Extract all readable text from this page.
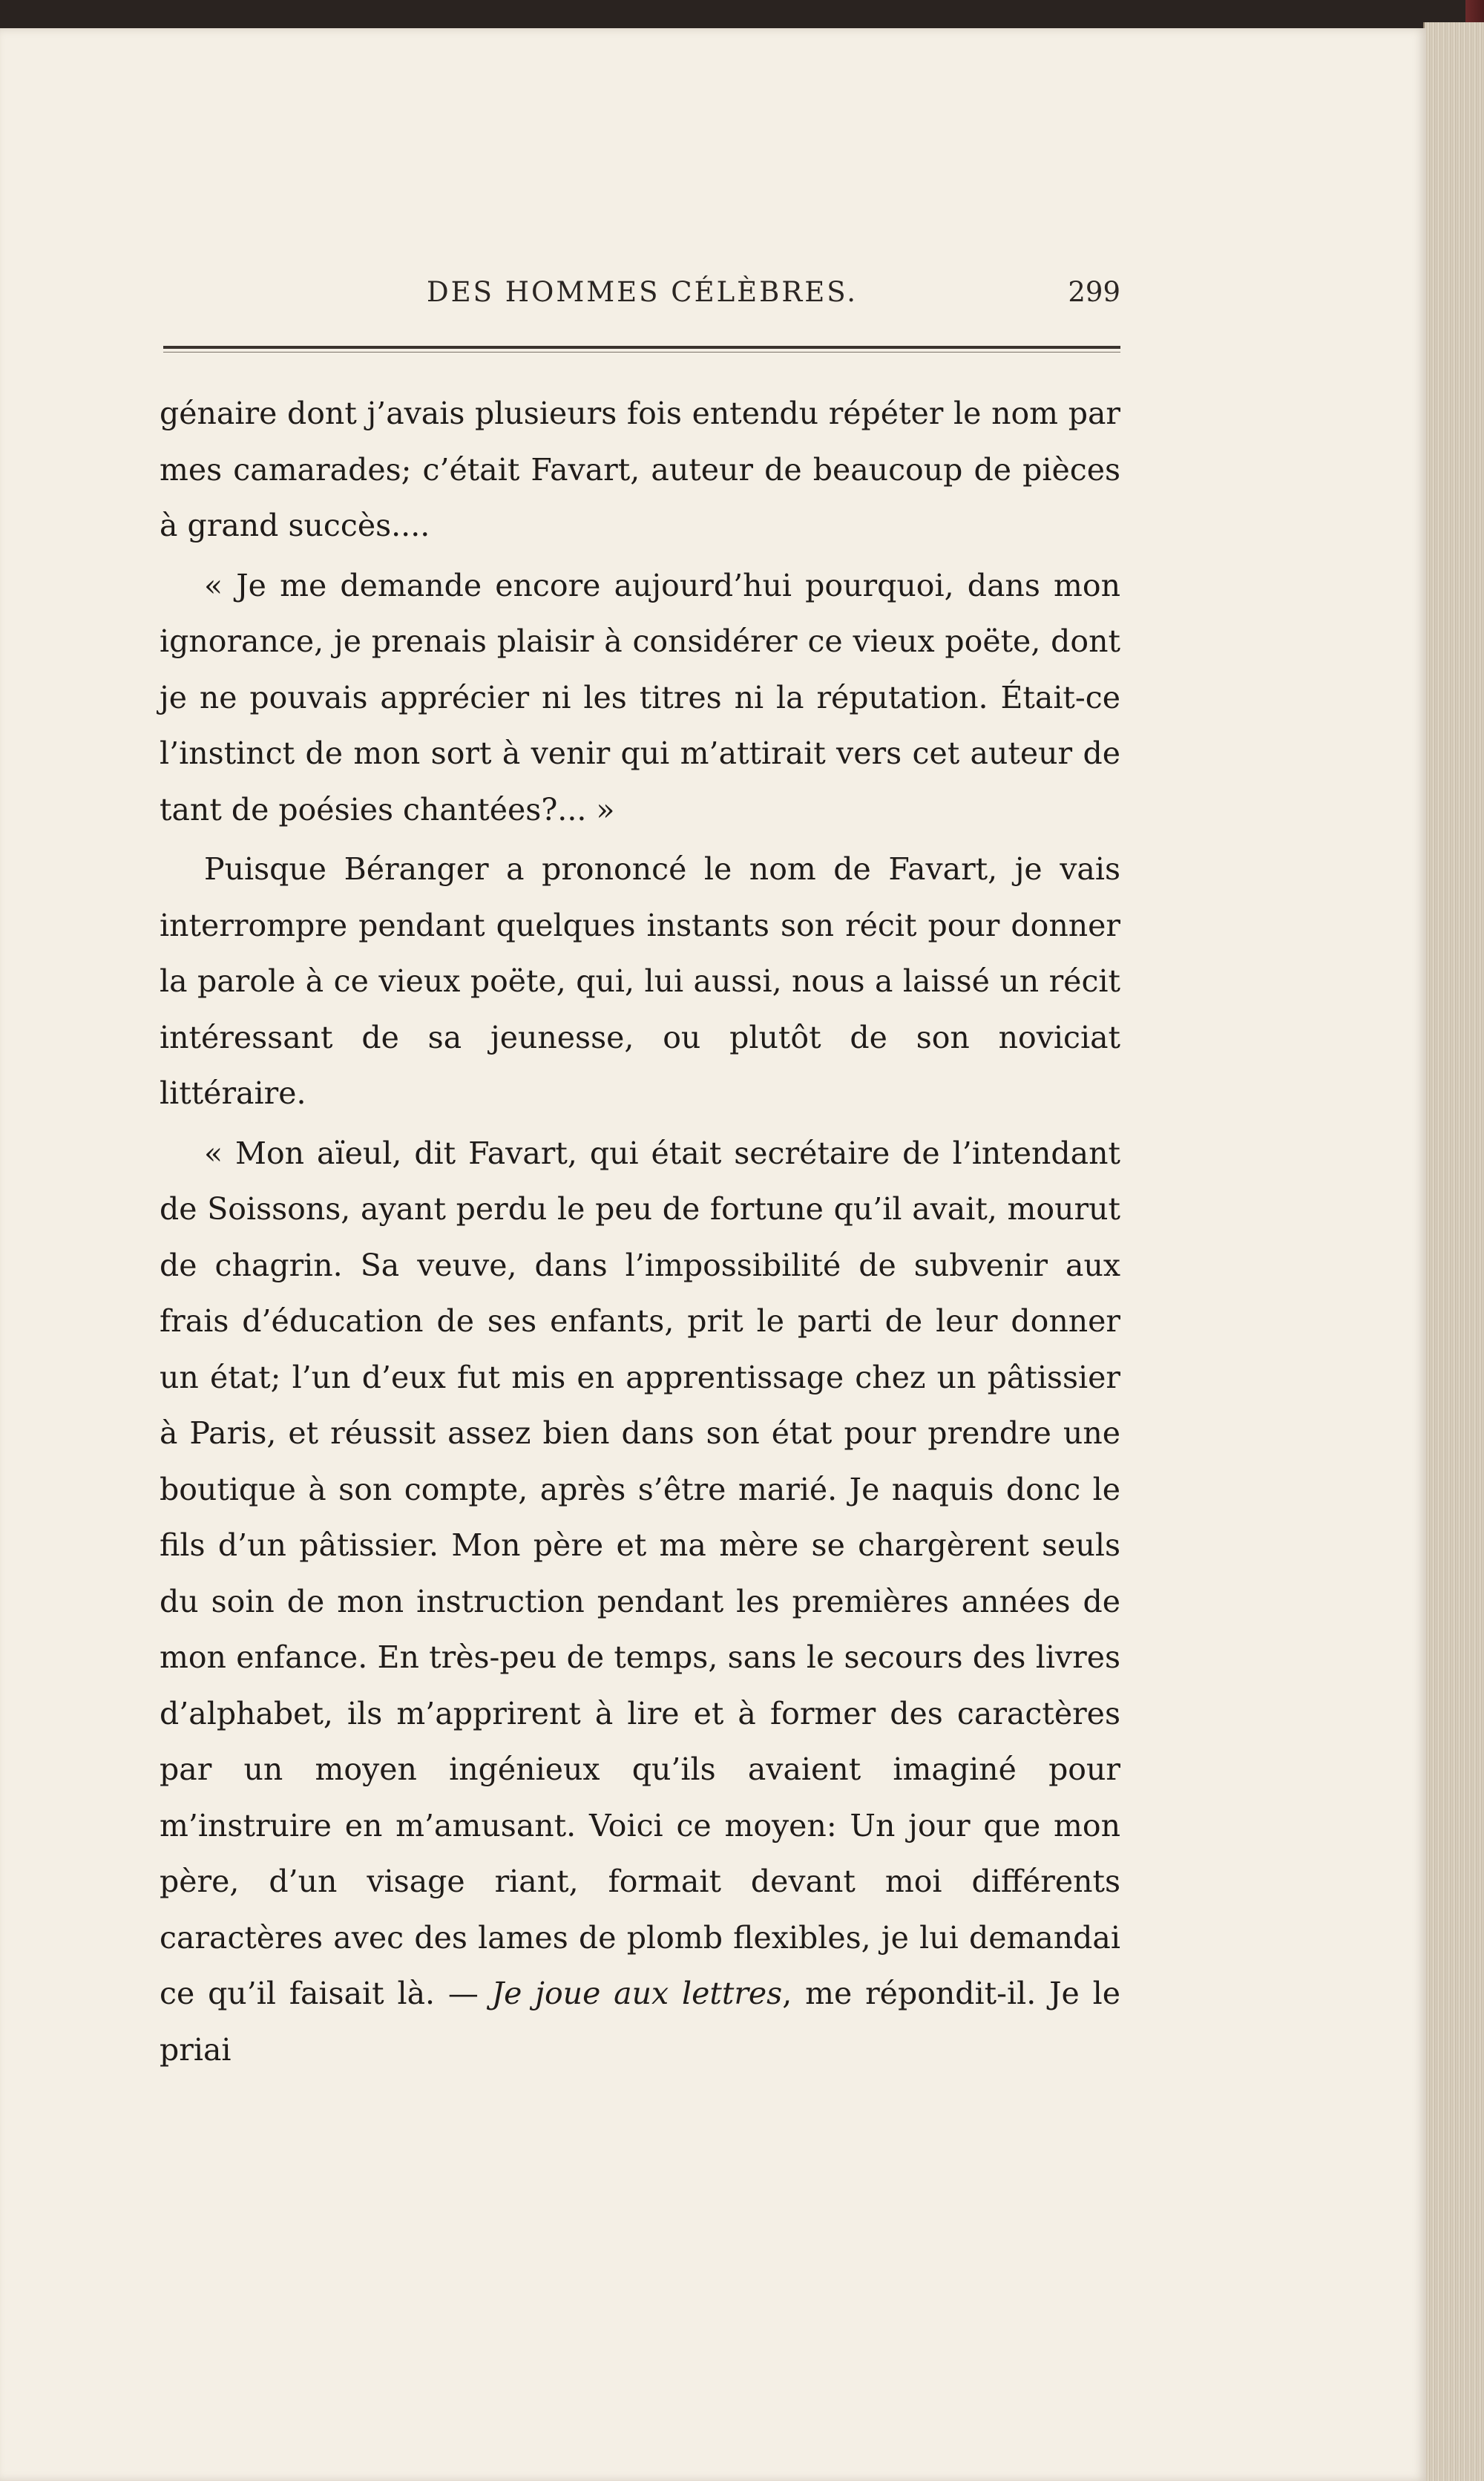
DES HOMMES CÉLÈBRES.	299

génaire dont j’avais plusieurs fois entendu répéter le nom par mes camarades; c’était Favart, auteur de beaucoup de pièces à grand succès....

« Je me demande encore aujourd’hui pourquoi, dans mon ignorance, je prenais plaisir à considérer ce vieux poëte, dont je ne pouvais apprécier ni les titres ni la réputation. Était-ce l’instinct de mon sort à venir qui m’attirait vers cet auteur de tant de poésies chantées?... »

Puisque Béranger a prononcé le nom de Favart, je vais interrompre pendant quelques instants son récit pour donner la parole à ce vieux poëte, qui, lui aussi, nous a laissé un récit intéressant de sa jeunesse, ou plutôt de son noviciat littéraire.

« Mon aïeul, dit Favart, qui était secrétaire de l’intendant de Soissons, ayant perdu le peu de fortune qu’il avait, mourut de chagrin. Sa veuve, dans l’impossibilité de subvenir aux frais d’éducation de ses enfants, prit le parti de leur donner un état; l’un d’eux fut mis en apprentissage chez un pâtissier à Paris, et réussit assez bien dans son état pour prendre une boutique à son compte, après s’être marié. Je naquis donc le fils d’un pâtissier. Mon père et ma mère se chargèrent seuls du soin de mon instruction pendant les premières années de mon enfance. En très-peu de temps, sans le secours des livres d’alphabet, ils m’apprirent à lire et à former des caractères par un moyen ingénieux qu’ils avaient imaginé pour m’instruire en m’amusant. Voici ce moyen: Un jour que mon père, d’un visage riant, formait devant moi différents caractères avec des lames de plomb flexibles, je lui demandai ce qu’il faisait là. — Je joue aux lettres, me répondit-il. Je le priai
